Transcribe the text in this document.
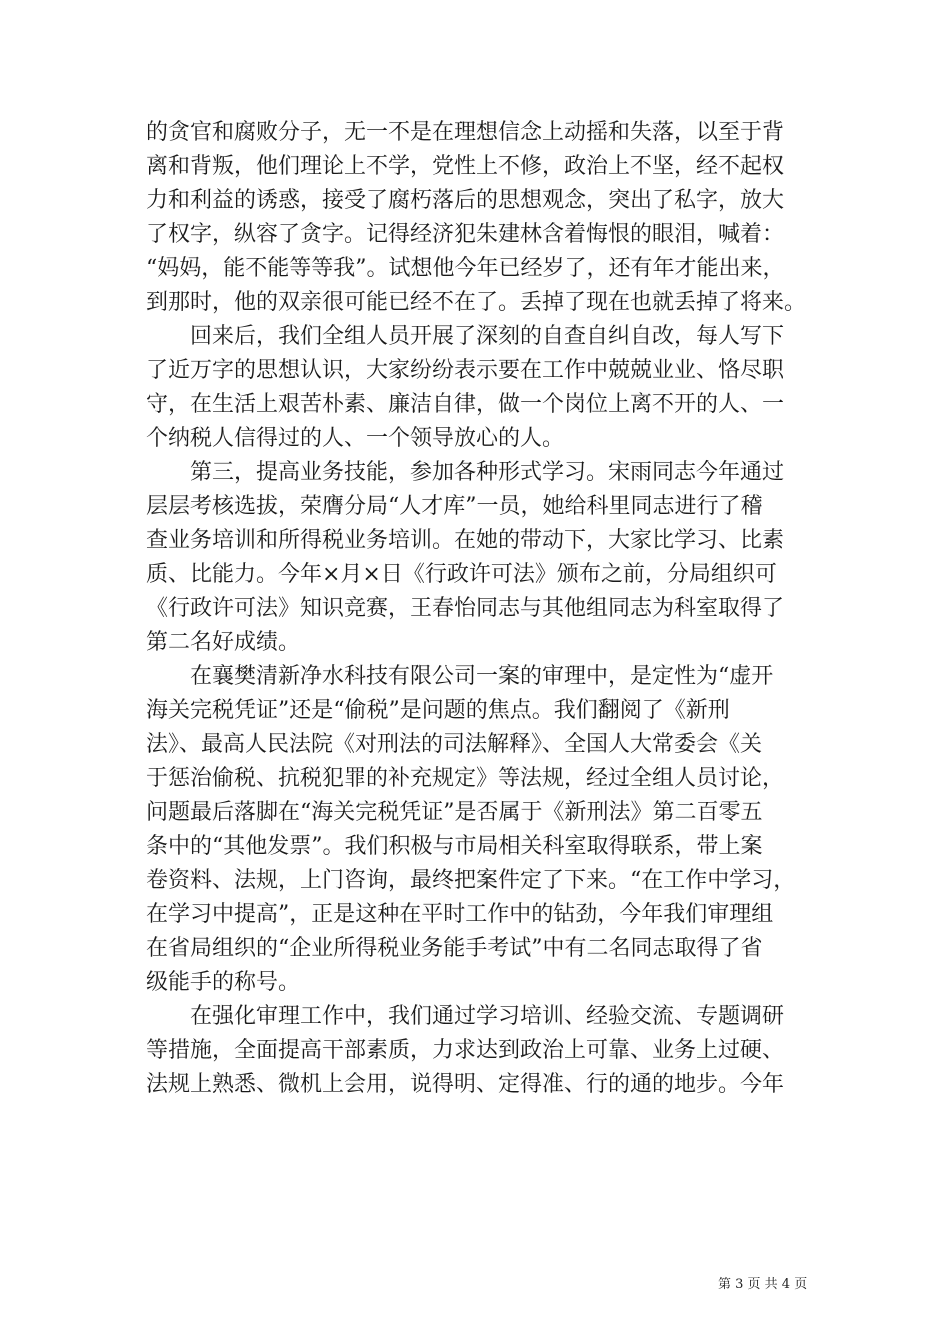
的贪官和腐败分子，无一不是在理想信念上动摇和失落，以至于背
离和背叛，他们理论上不学，党性上不修，政治上不坚，经不起权
力和利益的诱惑，接受了腐朽落后的思想观念，突出了私字，放大
了权字，纵容了贪字。记得经济犯朱建林含着悔恨的眼泪，喊着：
“妈妈，能不能等等我”。试想他今年已经岁了，还有年才能出来，
到那时，他的双亲很可能已经不在了。丢掉了现在也就丢掉了将来。
回来后，我们全组人员开展了深刻的自查自纠自改，每人写下
了近万字的思想认识，大家纷纷表示要在工作中兢兢业业、恪尽职
守，在生活上艰苦朴素、廉洁自律，做一个岗位上离不开的人、一
个纳税人信得过的人、一个领导放心的人。
第三，提高业务技能，参加各种形式学习。宋雨同志今年通过
层层考核选拔，荣膺分局“人才库”一员，她给科里同志进行了稽
查业务培训和所得税业务培训。在她的带动下，大家比学习、比素
质、比能力。今年×月×日《行政许可法》颁布之前，分局组织可
《行政许可法》知识竞赛，王春怡同志与其他组同志为科室取得了
第二名好成绩。
在襄樊清新净水科技有限公司一案的审理中，是定性为“虚开
海关完税凭证”还是“偷税”是问题的焦点。我们翻阅了《新刑
法》、最高人民法院《对刑法的司法解释》、全国人大常委会《关
于惩治偷税、抗税犯罪的补充规定》等法规，经过全组人员讨论，
问题最后落脚在“海关完税凭证”是否属于《新刑法》第二百零五
条中的“其他发票”。我们积极与市局相关科室取得联系，带上案
卷资料、法规，上门咨询，最终把案件定了下来。“在工作中学习，
在学习中提高”，正是这种在平时工作中的钻劲，今年我们审理组
在省局组织的“企业所得税业务能手考试”中有二名同志取得了省
级能手的称号。
在强化审理工作中，我们通过学习培训、经验交流、专题调研
等措施，全面提高干部素质，力求达到政治上可靠、业务上过硬、
法规上熟悉、微机上会用，说得明、定得准、行的通的地步。今年
第 3 页 共 4 页
